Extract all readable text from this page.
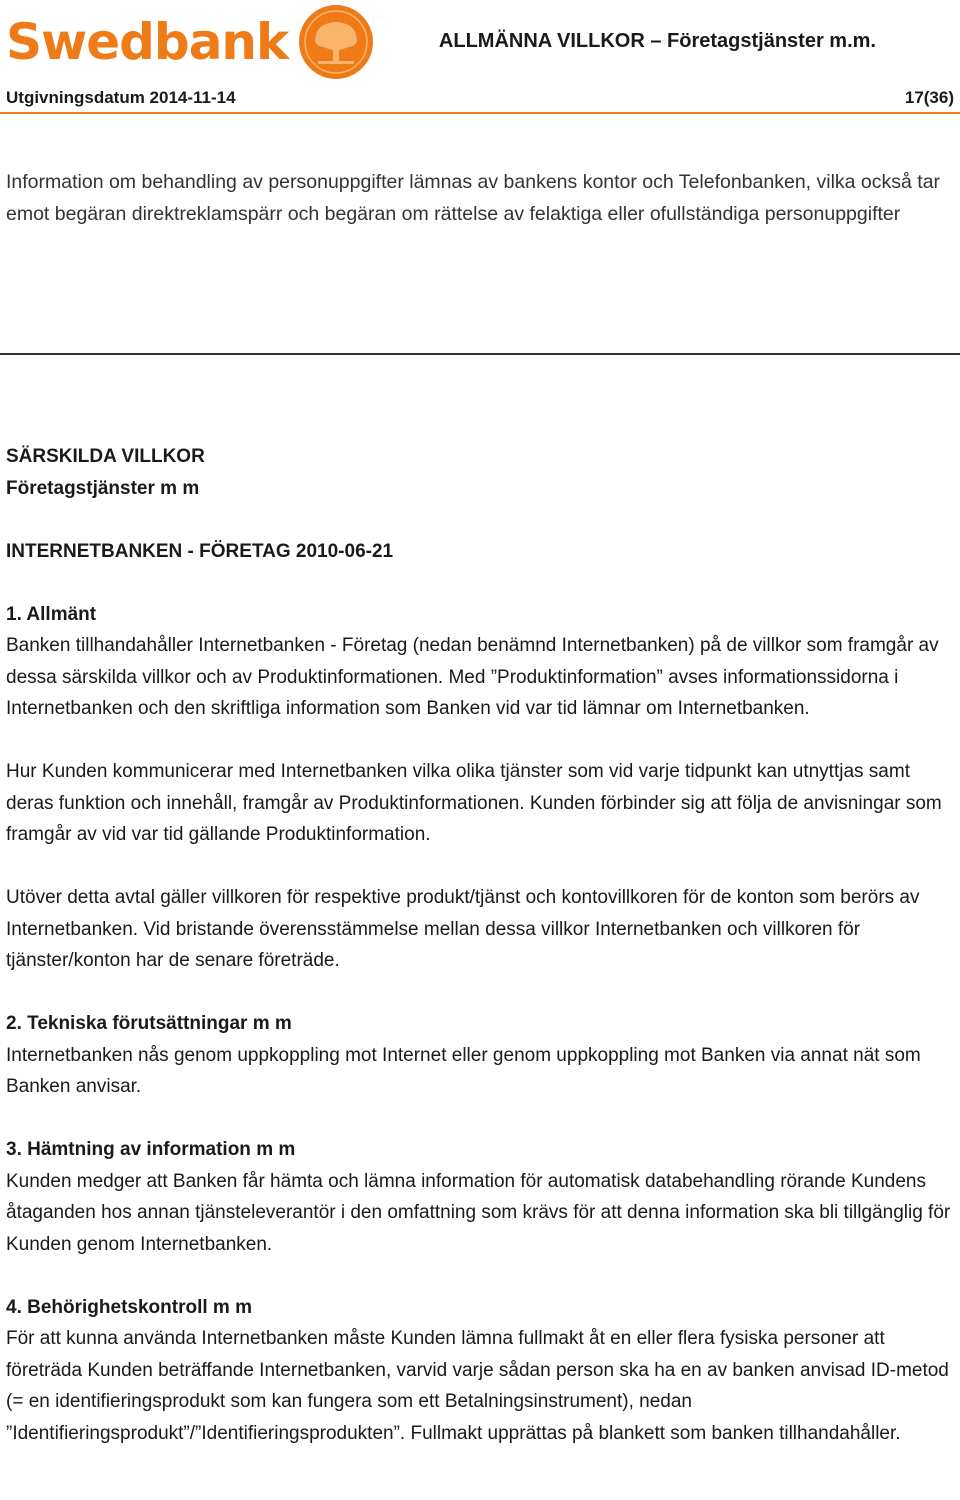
Swedbank	ALLMÄNNA VILLKOR – Företagstjänster m.m.
Utgivningsdatum 2014-11-14	17(36)

Information om behandling av personuppgifter lämnas av bankens kontor och Telefonbanken, vilka också tar emot begäran direktreklamspärr och begäran om rättelse av felaktiga eller ofullständiga personuppgifter

SÄRSKILDA VILLKOR

Företagstjänster m m

INTERNETBANKEN - FÖRETAG 2010-06-21

1. Allmänt

Banken tillhandahåller Internetbanken - Företag (nedan benämnd Internetbanken) på de villkor som framgår av dessa särskilda villkor och av Produktinformationen. Med ”Produktinformation” avses informationssidorna i Internetbanken och den skriftliga information som Banken vid var tid lämnar om Internetbanken.

Hur Kunden kommunicerar med Internetbanken vilka olika tjänster som vid varje tidpunkt kan utnyttjas samt deras funktion och innehåll, framgår av Produktinformationen. Kunden förbinder sig att följa de anvisningar som framgår av vid var tid gällande Produktinformation.

Utöver detta avtal gäller villkoren för respektive produkt/tjänst och kontovillkoren för de konton som berörs av Internetbanken. Vid bristande överensstämmelse mellan dessa villkor Internetbanken och villkoren för tjänster/konton har de senare företräde.

2. Tekniska förutsättningar m m

Internetbanken nås genom uppkoppling mot Internet eller genom uppkoppling mot Banken via annat nät som Banken anvisar.

3. Hämtning av information m m

Kunden medger att Banken får hämta och lämna information för automatisk databehandling rörande Kundens åtaganden hos annan tjänsteleverantör i den omfattning som krävs för att denna information ska bli tillgänglig för Kunden genom Internetbanken.

4. Behörighetskontroll m m

För att kunna använda Internetbanken måste Kunden lämna fullmakt åt en eller flera fysiska personer att företräda Kunden beträffande Internetbanken, varvid varje sådan person ska ha en av banken anvisad ID-metod (= en identifieringsprodukt som kan fungera som ett Betalningsinstrument), nedan ”Identifieringsprodukt”/”Identifieringsprodukten”. Fullmakt upprättas på blankett som banken tillhandahåller.
